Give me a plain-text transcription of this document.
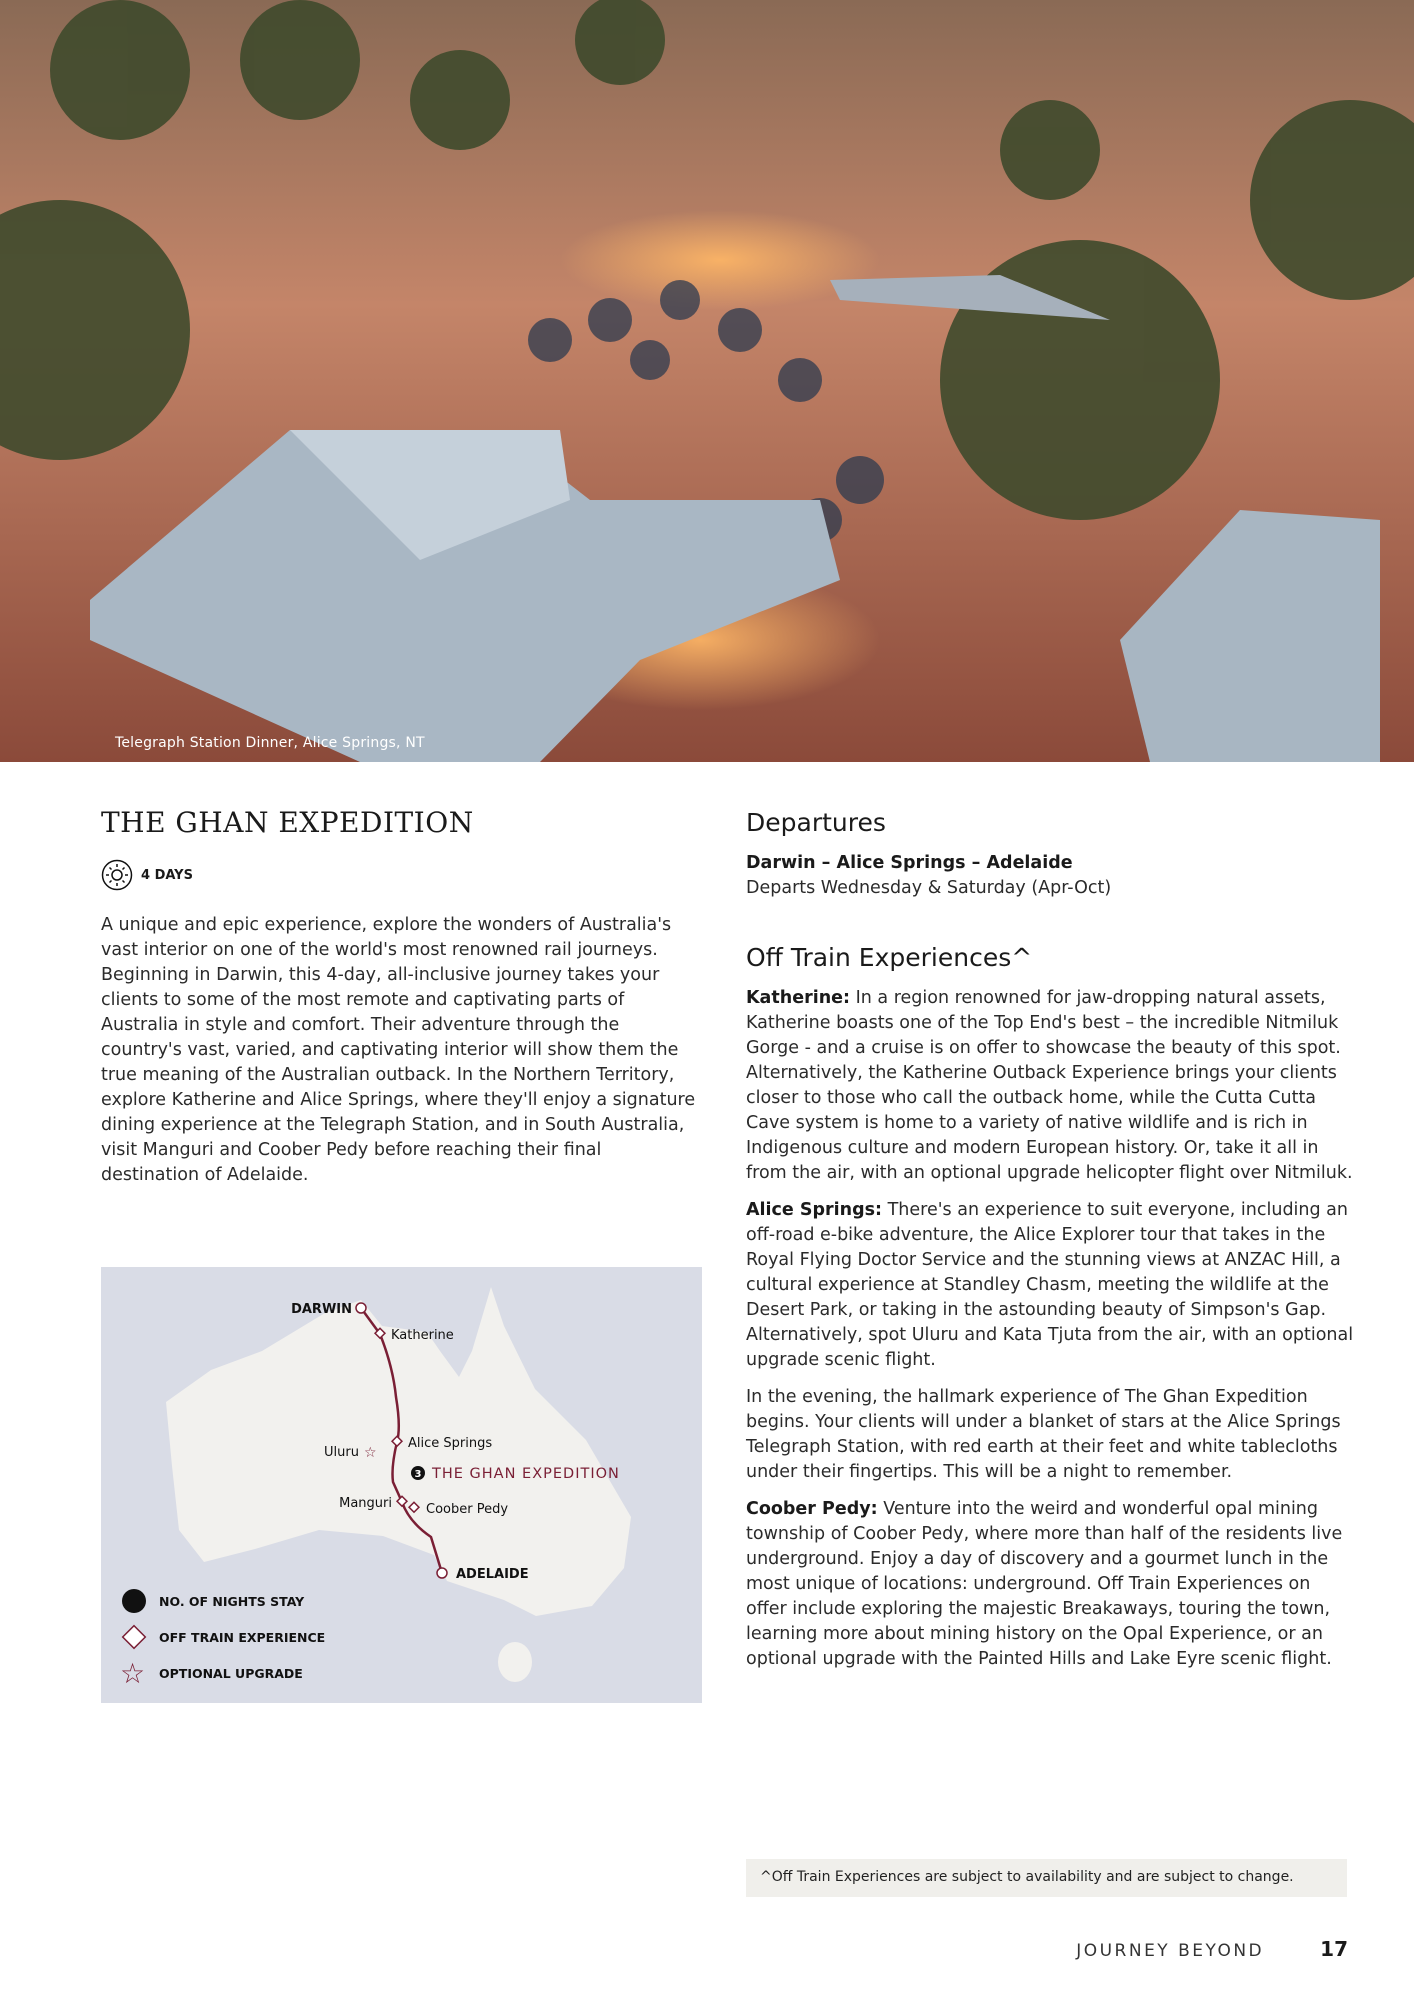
Telegraph Station Dinner, Alice Springs, NT
THE GHAN EXPEDITION
4 DAYS

A unique and epic experience, explore the wonders of Australia's vast interior on one of the world's most renowned rail journeys. Beginning in Darwin, this 4-day, all-inclusive journey takes your clients to some of the most remote and captivating parts of Australia in style and comfort. Their adventure through the country's vast, varied, and captivating interior will show them the true meaning of the Australian outback. In the Northern Territory, explore Katherine and Alice Springs, where they'll enjoy a signature dining experience at the Telegraph Station, and in South Australia, visit Manguri and Coober Pedy before reaching their final destination of Adelaide.

☆
3
DARWIN
Katherine
Alice Springs
Uluru
Manguri	Coober Pedy
ADELAIDE
THE GHAN EXPEDITION
☆
NO. OF NIGHTS STAY
OFF TRAIN EXPERIENCE
OPTIONAL UPGRADE
Departures
Darwin – Alice Springs – Adelaide
Departs Wednesday & Saturday (Apr-Oct)
Off Train Experiences^

Katherine: In a region renowned for jaw-dropping natural assets, Katherine boasts one of the Top End's best – the incredible Nitmiluk Gorge - and a cruise is on offer to showcase the beauty of this spot. Alternatively, the Katherine Outback Experience brings your clients closer to those who call the outback home, while the Cutta Cutta Cave system is home to a variety of native wildlife and is rich in Indigenous culture and modern European history. Or, take it all in from the air, with an optional upgrade helicopter flight over Nitmiluk.

Alice Springs: There's an experience to suit everyone, including an off-road e-bike adventure, the Alice Explorer tour that takes in the Royal Flying Doctor Service and the stunning views at ANZAC Hill, a cultural experience at Standley Chasm, meeting the wildlife at the Desert Park, or taking in the astounding beauty of Simpson's Gap. Alternatively, spot Uluru and Kata Tjuta from the air, with an optional upgrade scenic flight.

In the evening, the hallmark experience of The Ghan Expedition begins. Your clients will under a blanket of stars at the Alice Springs Telegraph Station, with red earth at their feet and white tablecloths under their fingertips. This will be a night to remember.

Coober Pedy: Venture into the weird and wonderful opal mining township of Coober Pedy, where more than half of the residents live underground. Enjoy a day of discovery and a gourmet lunch in the most unique of locations: underground. Off Train Experiences on offer include exploring the majestic Breakaways, touring the town, learning more about mining history on the Opal Experience, or an optional upgrade with the Painted Hills and Lake Eyre scenic flight.

^Off Train Experiences are subject to availability and are subject to change.
JOURNEY BEYOND	17
